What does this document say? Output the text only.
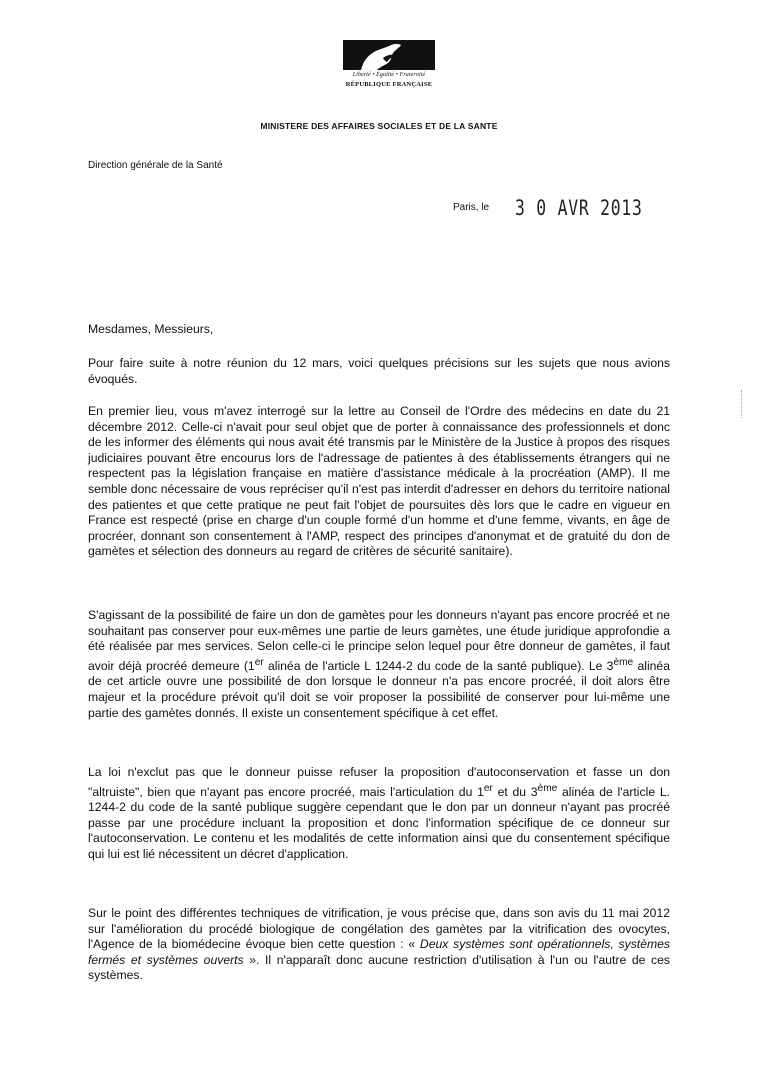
Liberté • Égalité • Fraternité
RÉPUBLIQUE FRANÇAISE
MINISTERE DES AFFAIRES SOCIALES ET DE LA SANTE
Direction générale de la Santé
Paris, le 3 0 AVR 2013
Mesdames, Messieurs,
Pour faire suite à notre réunion du 12 mars, voici quelques précisions sur les sujets que nous avions évoqués.
En premier lieu, vous m'avez interrogé sur la lettre au Conseil de l'Ordre des médecins en date du 21 décembre 2012. Celle-ci n'avait pour seul objet que de porter à connaissance des professionnels et donc de les informer des éléments qui nous avait été transmis par le Ministère de la Justice à propos des risques judiciaires pouvant être encourus lors de l'adressage de patientes à des établissements étrangers qui ne respectent pas la législation française en matière d'assistance médicale à la procréation (AMP). Il me semble donc nécessaire de vous repréciser qu'il n'est pas interdit d'adresser en dehors du territoire national des patientes et que cette pratique ne peut fait l'objet de poursuites dès lors que le cadre en vigueur en France est respecté (prise en charge d'un couple formé d'un homme et d'une femme, vivants, en âge de procréer, donnant son consentement à l'AMP, respect des principes d'anonymat et de gratuité du don de gamètes et sélection des donneurs au regard de critères de sécurité sanitaire).
S'agissant de la possibilité de faire un don de gamètes pour les donneurs n'ayant pas encore procréé et ne souhaitant pas conserver pour eux-mêmes une partie de leurs gamètes, une étude juridique approfondie a été réalisée par mes services. Selon celle-ci le principe selon lequel pour être donneur de gamètes, il faut avoir déjà procréé demeure (1er alinéa de l'article L 1244-2 du code de la santé publique). Le 3ème alinéa de cet article ouvre une possibilité de don lorsque le donneur n'a pas encore procréé, il doit alors être majeur et la procédure prévoit qu'il doit se voir proposer la possibilité de conserver pour lui-même une partie des gamètes donnés. Il existe un consentement spécifique à cet effet.
La loi n'exclut pas que le donneur puisse refuser la proposition d'autoconservation et fasse un don "altruiste", bien que n'ayant pas encore procréé, mais l'articulation du 1er et du 3ème alinéa de l'article L. 1244-2 du code de la santé publique suggère cependant que le don par un donneur n'ayant pas procréé passe par une procédure incluant la proposition et donc l'information spécifique de ce donneur sur l'autoconservation. Le contenu et les modalités de cette information ainsi que du consentement spécifique qui lui est lié nécessitent un décret d'application.
Sur le point des différentes techniques de vitrification, je vous précise que, dans son avis du 11 mai 2012 sur l'amélioration du procédé biologique de congélation des gamètes par la vitrification des ovocytes, l'Agence de la biomédecine évoque bien cette question : « Deux systèmes sont opérationnels, systèmes fermés et systèmes ouverts ». Il n'apparaît donc aucune restriction d'utilisation à l'un ou l'autre de ces systèmes.
